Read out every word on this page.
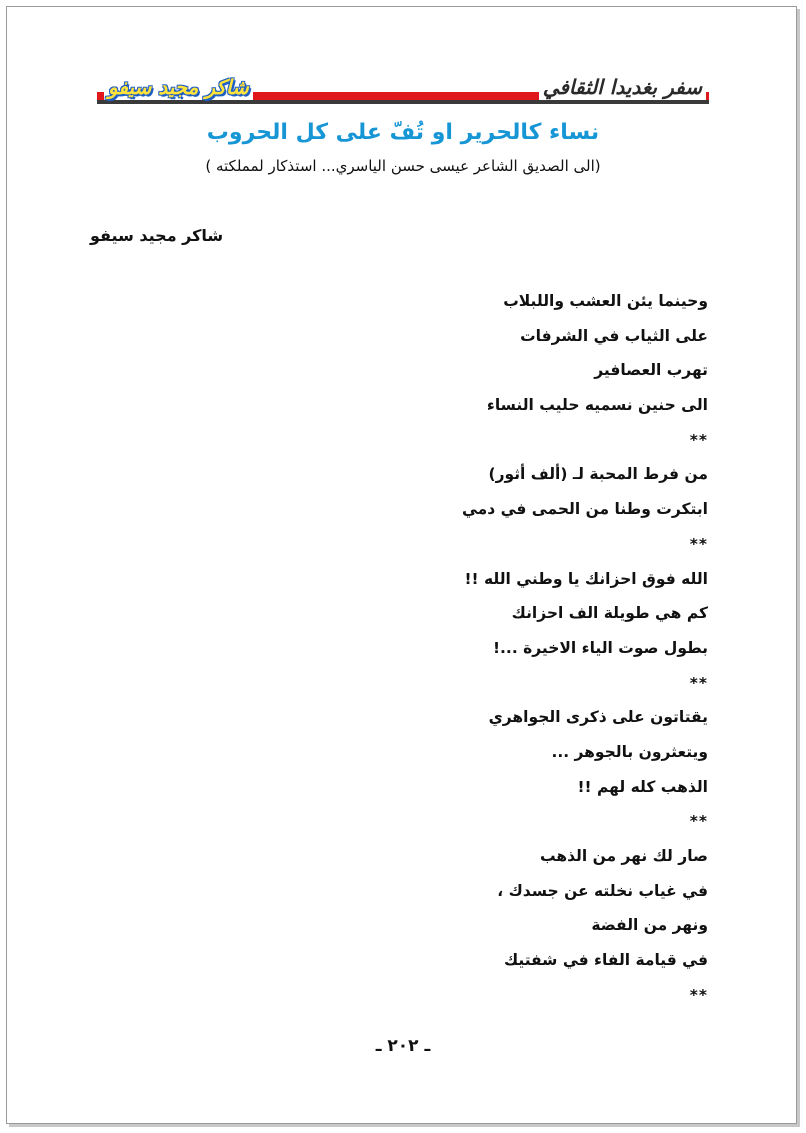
سفر بغديدا الثقافي
شاكر مجيد سيفو
نساء كالحرير او تُفّ على كل الحروب
(الى الصديق الشاعر عيسى حسن الياسري... استذكار لمملكته )
شاكر مجيد سيفو
وحينما يئن العشب واللبلاب
على الثياب في الشرفات
تهرب العصافير
الى حنين نسميه حليب النساء
**
من فرط المحبة لـ (ألف أثور)
ابتكرت وطنا من الحمى في دمي
**
الله فوق احزانك يا وطني الله !!
كم هي طويلة الف احزانك
بطول صوت الياء الاخيرة ...!
**
يقتاتون على ذكرى الجواهري
ويتعثرون بالجوهر ...
الذهب كله لهم !!
**
صار لك نهر من الذهب
في غياب نخلته عن جسدك ،
ونهر من الفضة
في قيامة الفاء في شفتيك
**
ـ ٢٠٢ ـ
